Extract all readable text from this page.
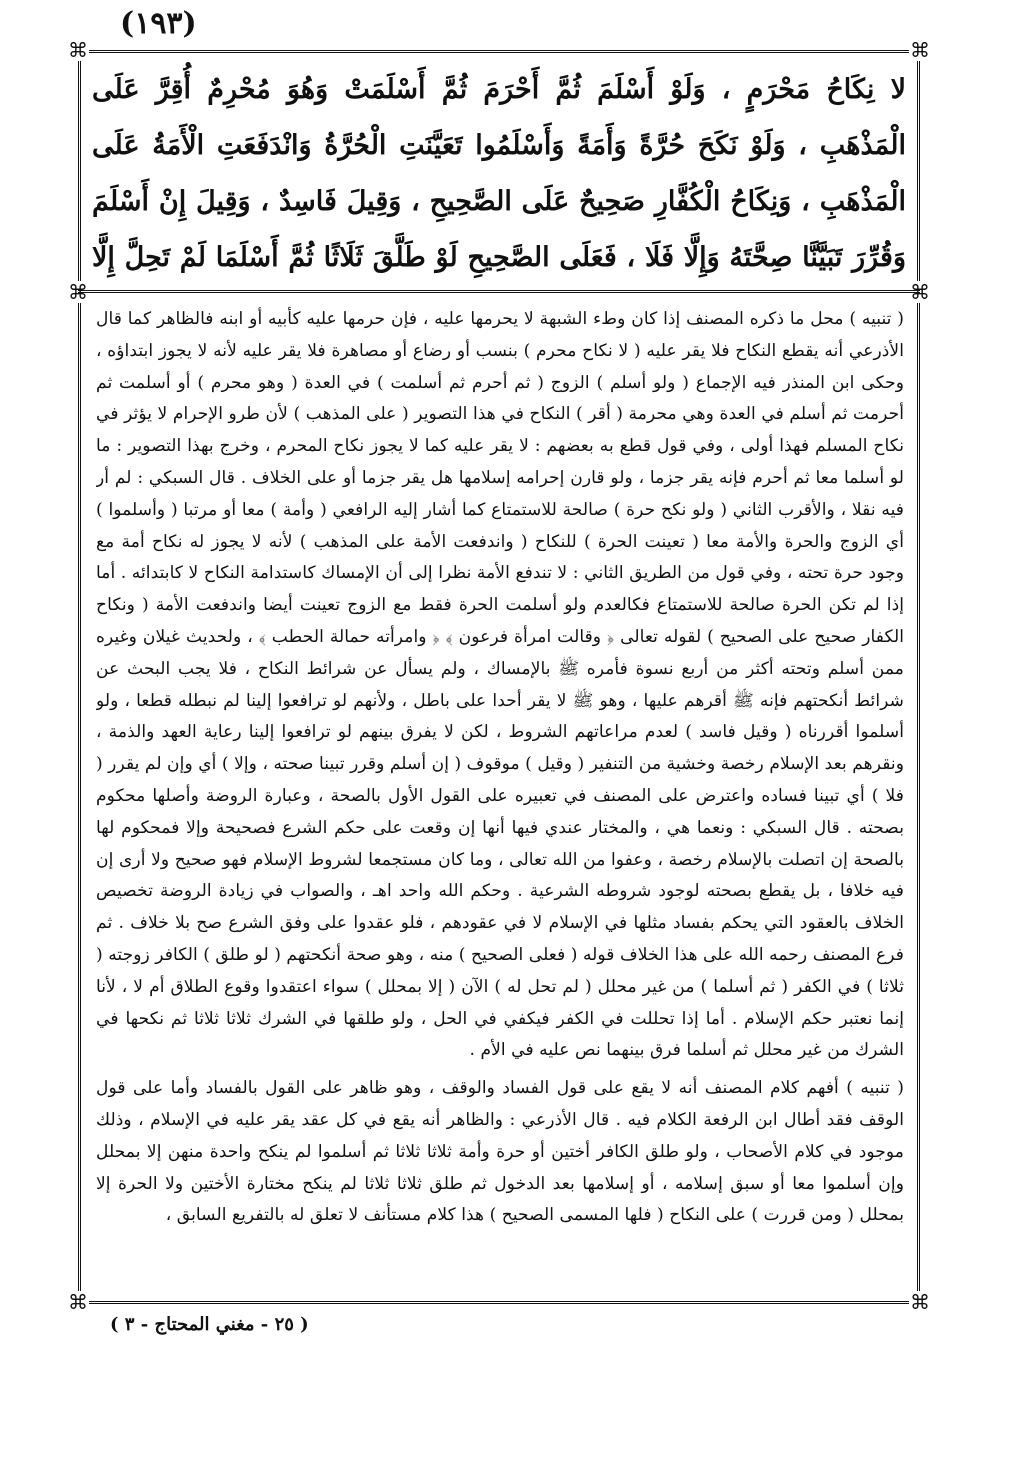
(١٩٣)
⌘	⌘
⌘	⌘
⌘	⌘
لا نِكَاحُ مَحْرَمٍ ، وَلَوْ أَسْلَمَ ثُمَّ أَحْرَمَ ثُمَّ أَسْلَمَتْ وَهُوَ مُحْرِمٌ أُقِرَّ عَلَى الْمَذْهَبِ ، وَلَوْ نَكَحَ حُرَّةً وَأَمَةً وَأَسْلَمُوا تَعَيَّنَتِ الْحُرَّةُ وَانْدَفَعَتِ الْأَمَةُ عَلَى الْمَذْهَبِ ، وَنِكَاحُ الْكُفَّارِ صَحِيحٌ عَلَى الصَّحِيحِ ، وَقِيلَ فَاسِدٌ ، وَقِيلَ إِنْ أَسْلَمَ وَقُرِّرَ تَبَيَّنَّا صِحَّتَهُ وَإِلَّا فَلَا ، فَعَلَى الصَّحِيحِ لَوْ طَلَّقَ ثَلَاثًا ثُمَّ أَسْلَمَا لَمْ تَحِلَّ إِلَّا

( تنبيه ) محل ما ذكره المصنف إذا كان وطء الشبهة لا يحرمها عليه ، فإن حرمها عليه كأبيه أو ابنه فالظاهر كما قال الأذرعي أنه يقطع النكاح فلا يقر عليه ( لا نكاح محرم ) بنسب أو رضاع أو مصاهرة فلا يقر عليه لأنه لا يجوز ابتداؤه ، وحكى ابن المنذر فيه الإجماع ( ولو أسلم ) الزوج ( ثم أحرم ثم أسلمت ) في العدة ( وهو محرم ) أو أسلمت ثم أحرمت ثم أسلم في العدة وهي محرمة ( أقر ) النكاح في هذا التصوير ( على المذهب ) لأن طرو الإحرام لا يؤثر في نكاح المسلم فهذا أولى ، وفي قول قطع به بعضهم : لا يقر عليه كما لا يجوز نكاح المحرم ، وخرج بهذا التصوير : ما لو أسلما معا ثم أحرم فإنه يقر جزما ، ولو قارن إحرامه إسلامها هل يقر جزما أو على الخلاف . قال السبكي : لم أر فيه نقلا ، والأقرب الثاني ( ولو نكح حرة ) صالحة للاستمتاع كما أشار إليه الرافعي ( وأمة ) معا أو مرتبا ( وأسلموا ) أي الزوج والحرة والأمة معا ( تعينت الحرة ) للنكاح ( واندفعت الأمة على المذهب ) لأنه لا يجوز له نكاح أمة مع وجود حرة تحته ، وفي قول من الطريق الثاني : لا تندفع الأمة نظرا إلى أن الإمساك كاستدامة النكاح لا كابتدائه . أما إذا لم تكن الحرة صالحة للاستمتاع فكالعدم ولو أسلمت الحرة فقط مع الزوج تعينت أيضا واندفعت الأمة ( ونكاح الكفار صحيح على الصحيح ) لقوله تعالى ﴿ وقالت امرأة فرعون ﴾ ﴿ وامرأته حمالة الحطب ﴾ ، ولحديث غيلان وغيره ممن أسلم وتحته أكثر من أربع نسوة فأمره ﷺ بالإمساك ، ولم يسأل عن شرائط النكاح ، فلا يجب البحث عن شرائط أنكحتهم فإنه ﷺ أقرهم عليها ، وهو ﷺ لا يقر أحدا على باطل ، ولأنهم لو ترافعوا إلينا لم نبطله قطعا ، ولو أسلموا أقررناه ( وقيل فاسد ) لعدم مراعاتهم الشروط ، لكن لا يفرق بينهم لو ترافعوا إلينا رعاية العهد والذمة ، ونقرهم بعد الإسلام رخصة وخشية من التنفير ( وقيل ) موقوف ( إن أسلم وقرر تبينا صحته ، وإلا ) أي وإن لم يقرر ( فلا ) أي تبينا فساده واعترض على المصنف في تعبيره على القول الأول بالصحة ، وعبارة الروضة وأصلها محكوم بصحته . قال السبكي : ونعما هي ، والمختار عندي فيها أنها إن وقعت على حكم الشرع فصحيحة وإلا فمحكوم لها بالصحة إن اتصلت بالإسلام رخصة ، وعفوا من الله تعالى ، وما كان مستجمعا لشروط الإسلام فهو صحيح ولا أرى إن فيه خلافا ، بل يقطع بصحته لوجود شروطه الشرعية . وحكم الله واحد اهـ ، والصواب في زيادة الروضة تخصيص الخلاف بالعقود التي يحكم بفساد مثلها في الإسلام لا في عقودهم ، فلو عقدوا على وفق الشرع صح بلا خلاف . ثم فرع المصنف رحمه الله على هذا الخلاف قوله ( فعلى الصحيح ) منه ، وهو صحة أنكحتهم ( لو طلق ) الكافر زوجته ( ثلاثا ) في الكفر ( ثم أسلما ) من غير محلل ( لم تحل له ) الآن ( إلا بمحلل ) سواء اعتقدوا وقوع الطلاق أم لا ، لأنا إنما نعتبر حكم الإسلام . أما إذا تحللت في الكفر فيكفي في الحل ، ولو طلقها في الشرك ثلاثا ثلاثا ثم نكحها في الشرك من غير محلل ثم أسلما فرق بينهما نص عليه في الأم .

( تنبيه ) أفهم كلام المصنف أنه لا يقع على قول الفساد والوقف ، وهو ظاهر على القول بالفساد وأما على قول الوقف فقد أطال ابن الرفعة الكلام فيه . قال الأذرعي : والظاهر أنه يقع في كل عقد يقر عليه في الإسلام ، وذلك موجود في كلام الأصحاب ، ولو طلق الكافر أختين أو حرة وأمة ثلاثا ثلاثا ثم أسلموا لم ينكح واحدة منهن إلا بمحلل وإن أسلموا معا أو سبق إسلامه ، أو إسلامها بعد الدخول ثم طلق ثلاثا ثلاثا لم ينكح مختارة الأختين ولا الحرة إلا بمحلل ( ومن قررت ) على النكاح ( فلها المسمى الصحيح ) هذا كلام مستأنف لا تعلق له بالتفريع السابق ،

( ٢٥ - مغني المحتاج - ٣ )
